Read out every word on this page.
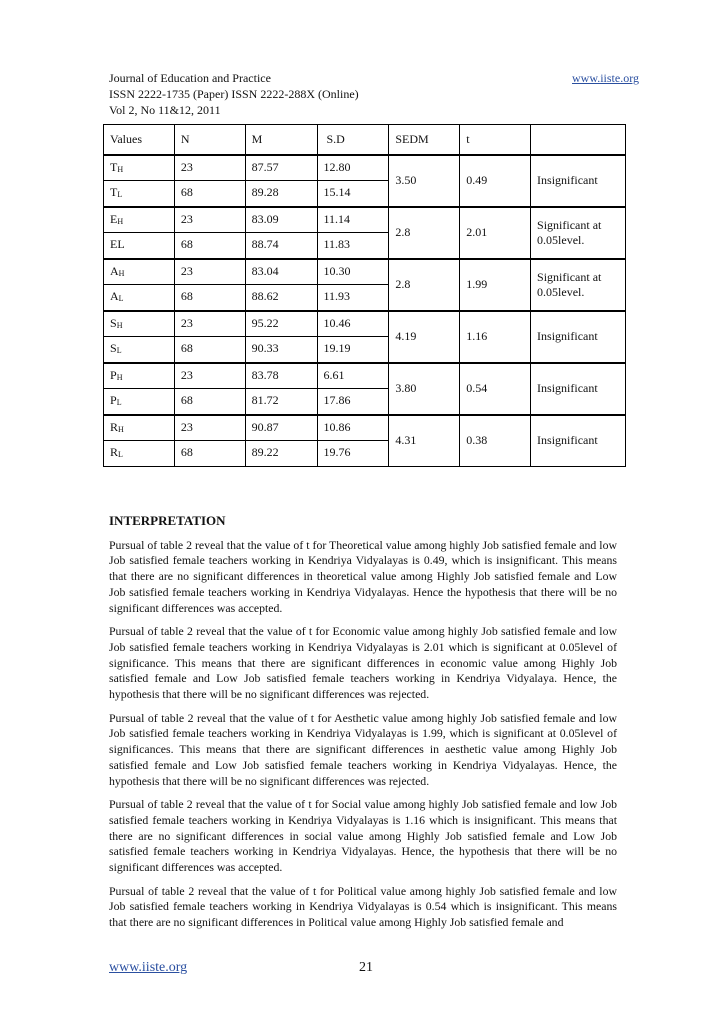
Journal of Education and Practice	www.iiste.org
ISSN 2222-1735 (Paper) ISSN 2222-288X (Online)
Vol 2, No 11&12, 2011
Values	N	M	S.D	SEDM	t	
$T_H$	23	87.57	12.80	3.50	0.49	Insignificant
$T_L$	68	89.28	15.14			
$E_H$	23	83.09	11.14	2.8	2.01	Significant at 0.05level.
EL	68	88.74	11.83			
$A_H$	23	83.04	10.30	2.8	1.99	Significant at 0.05level.
$A_L$	68	88.62	11.93			
$S_H$	23	95.22	10.46	4.19	1.16	Insignificant
$S_L$	68	90.33	19.19			
$P_H$	23	83.78	6.61	3.80	0.54	Insignificant
$P_L$	68	81.72	17.86			
$R_H$	23	90.87	10.86	4.31	0.38	Insignificant
$R_L$	68	89.22	19.76			
INTERPRETATION

Pursual of table 2 reveal that the value of t for Theoretical value among highly Job satisfied female and low Job satisfied female teachers working in Kendriya Vidyalayas is 0.49, which is insignificant. This means that there are no significant differences in theoretical value among Highly Job satisfied female and Low Job satisfied female teachers working in Kendriya Vidyalayas. Hence the hypothesis that there will be no significant differences was accepted.

Pursual of table 2 reveal that the value of t for Economic value among highly Job satisfied female and low Job satisfied female teachers working in Kendriya Vidyalayas is 2.01 which is significant at 0.05level of significance. This means that there are significant differences in economic value among Highly Job satisfied female and Low Job satisfied female teachers working in Kendriya Vidyalaya. Hence, the hypothesis that there will be no significant differences was rejected.

Pursual of table 2 reveal that the value of t for Aesthetic value among highly Job satisfied female and low Job satisfied female teachers working in Kendriya Vidyalayas is 1.99, which is significant at 0.05level of significances. This means that there are significant differences in aesthetic value among Highly Job satisfied female and Low Job satisfied female teachers working in Kendriya Vidyalayas. Hence, the hypothesis that there will be no significant differences was rejected.

Pursual of table 2 reveal that the value of t for Social value among highly Job satisfied female and low Job satisfied female teachers working in Kendriya Vidyalayas is 1.16 which is insignificant. This means that there are no significant differences in social value among Highly Job satisfied female and Low Job satisfied female teachers working in Kendriya Vidyalayas. Hence, the hypothesis that there will be no significant differences was accepted.

Pursual of table 2 reveal that the value of t for Political value among highly Job satisfied female and low Job satisfied female teachers working in Kendriya Vidyalayas is 0.54 which is insignificant. This means that there are no significant differences in Political value among Highly Job satisfied female and

www.iiste.org	21
